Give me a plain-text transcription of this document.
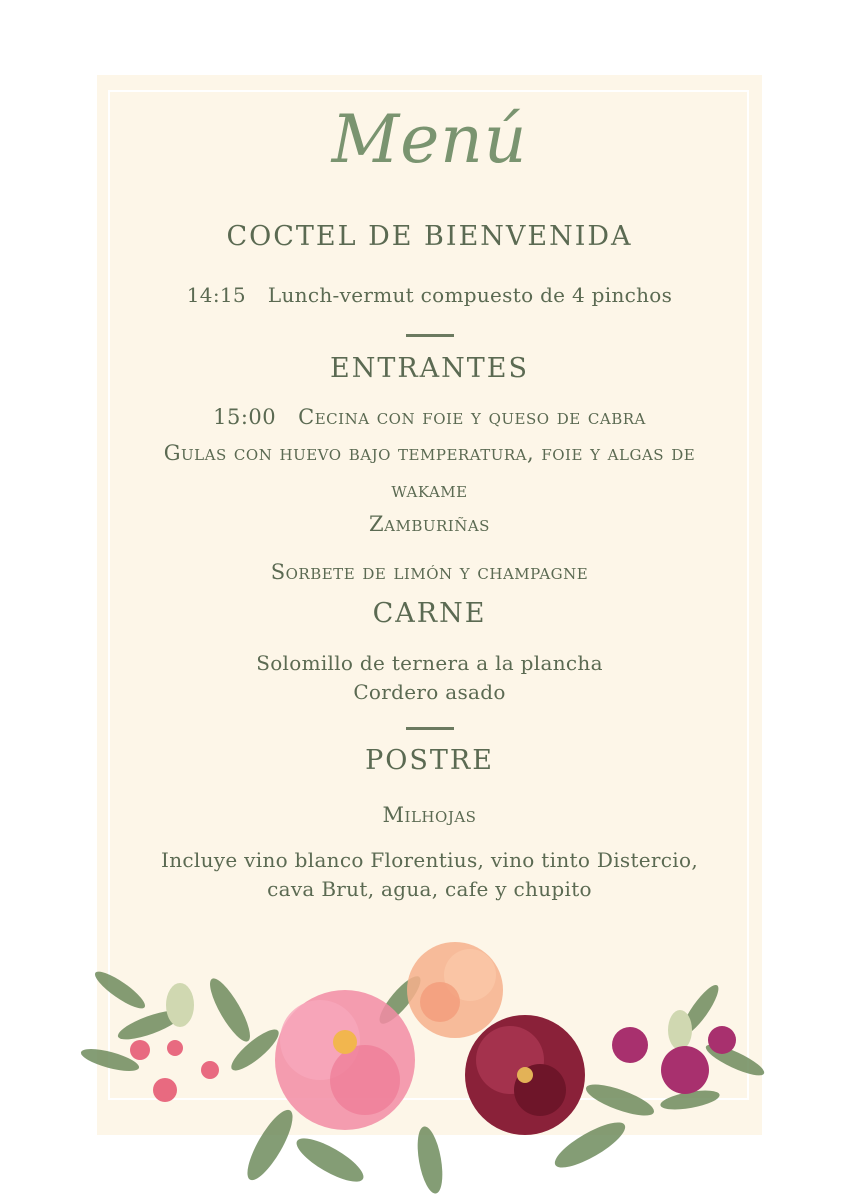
Menú
COCTEL DE BIENVENIDA
14:15 Lunch-vermut compuesto de 4 pinchos
ENTRANTES
15:00 Cecina con foie y queso de cabra
Gulas con huevo bajo temperatura, foie y algas de
wakame
Zamburiñas
Sorbete de limón y champagne
CARNE
Solomillo de ternera a la plancha
Cordero asado
POSTRE
Milhojas
Incluye vino blanco Florentius, vino tinto Distercio,
cava Brut, agua, cafe y chupito
